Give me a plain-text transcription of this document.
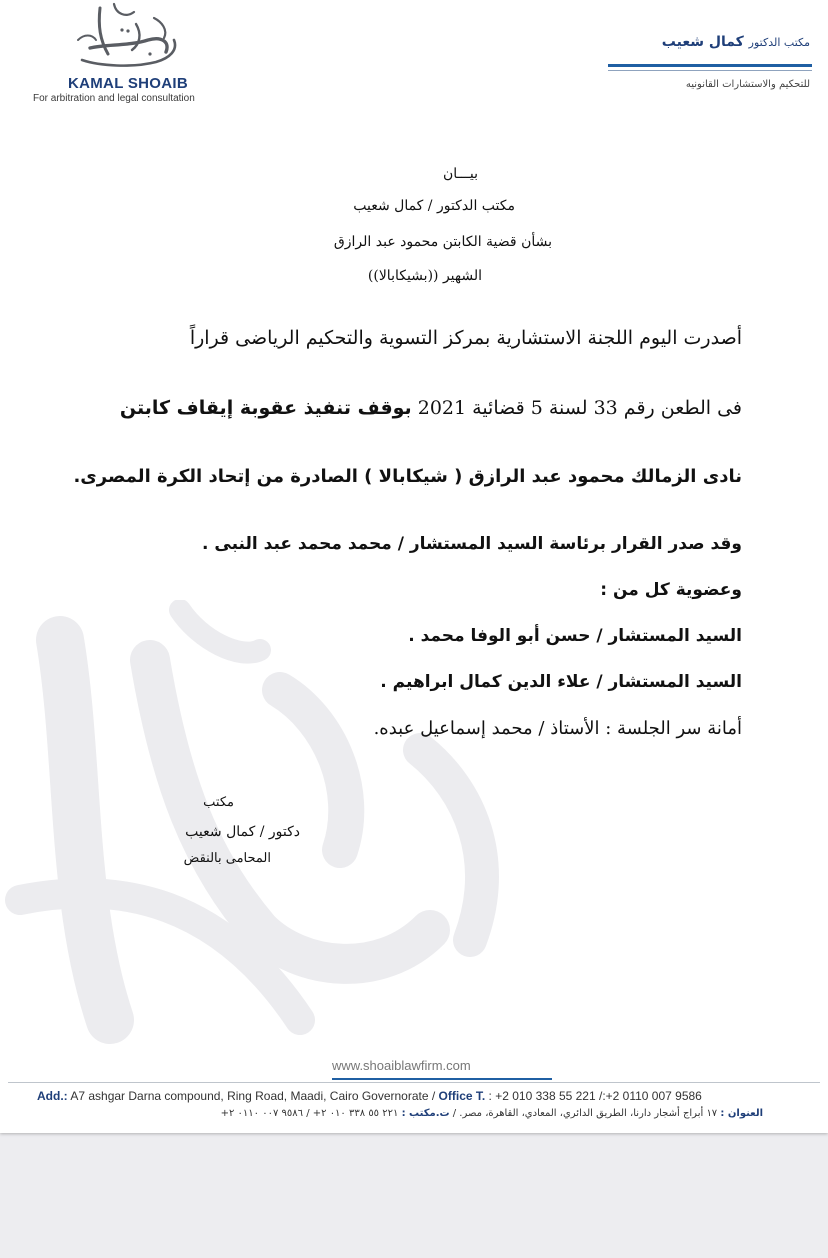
KAMAL SHOAIB
For arbitration and legal consultation
مكتب الدكتور كمال شعيب
للتحكيم والاستشارات القانونيه
بيـــان
مكتب الدكتور / كمال شعيب
بشأن قضية الكابتن محمود عبد الرازق
الشهير ((بشيكابالا))
أصدرت اليوم اللجنة الاستشارية بمركز التسوية والتحكيم الرياضى قراراً
فى الطعن رقم 33 لسنة 5 قضائية 2021 بوقف تنفيذ عقوبة إيقاف كابتن
نادى الزمالك محمود عبد الرازق ( شيكابالا ) الصادرة من إتحاد الكرة المصرى.
وقد صدر القرار برئاسة السيد المستشار / محمد محمد عبد النبى .
وعضوية كل من :
السيد المستشار / حسن أبو الوفا محمد .
السيد المستشار / علاء الدين كمال ابراهيم .
أمانة سر الجلسة : الأستاذ / محمد إسماعيل عبده.
مكتب
دكتور / كمال شعيب
المحامى بالنقض
www.shoaiblawfirm.com
Add.: A7 ashgar Darna compound, Ring Road, Maadi, Cairo Governorate / Office T. : +2 010 338 55 221 /:+2 0110 007 9586
العنوان : ١٧ أبراج أشجار دارنا، الطريق الدائري، المعادي، القاهرة، مصر. / ت.مكتب : ٢٢١ ٥٥ ٣٣٨ ٠١٠ ٢+ / ٩٥٨٦ ٠٠٧ ٠١١٠ ٢+
